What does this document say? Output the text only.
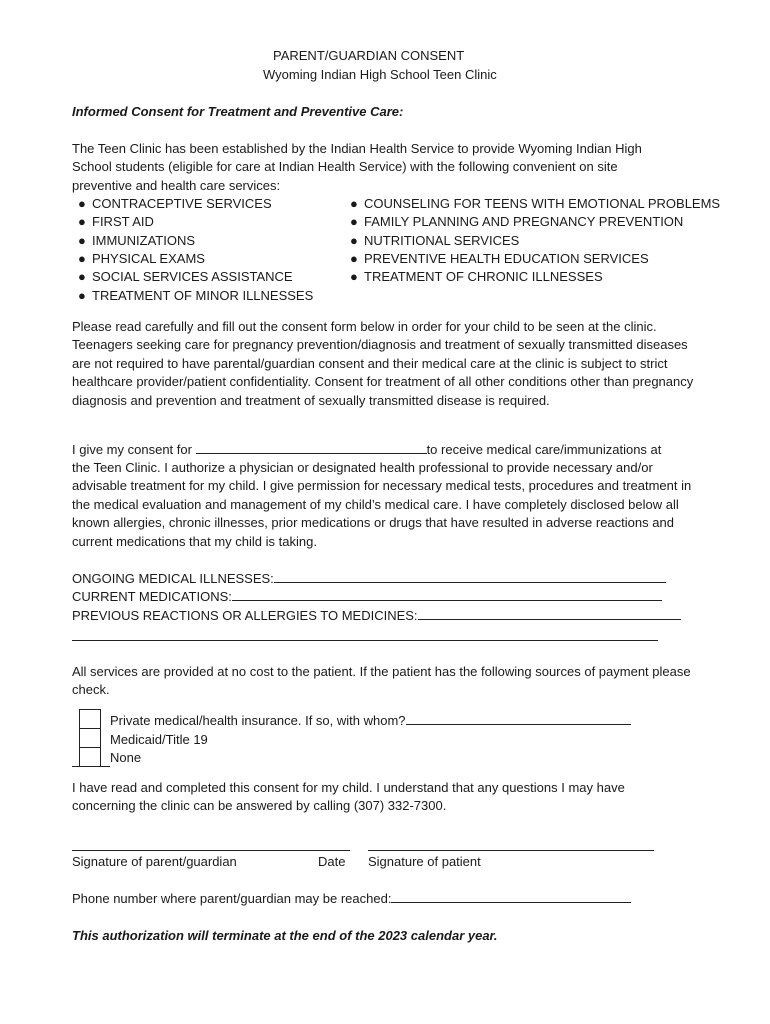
PARENT/GUARDIAN CONSENT
Wyoming Indian High School Teen Clinic
Informed Consent for Treatment and Preventive Care:
The Teen Clinic has been established by the Indian Health Service to provide Wyoming Indian High
School students (eligible for care at Indian Health Service) with the following convenient on site
preventive and health care services:
● CONTRACEPTIVE SERVICES
● FIRST AID
● IMMUNIZATIONS
● PHYSICAL EXAMS
● SOCIAL SERVICES ASSISTANCE
● TREATMENT OF MINOR ILLNESSES
● COUNSELING FOR TEENS WITH EMOTIONAL PROBLEMS
● FAMILY PLANNING AND PREGNANCY PREVENTION
● NUTRITIONAL SERVICES
● PREVENTIVE HEALTH EDUCATION SERVICES
● TREATMENT OF CHRONIC ILLNESSES
Please read carefully and fill out the consent form below in order for your child to be seen at the clinic. Teenagers seeking care for pregnancy prevention/diagnosis and treatment of sexually transmitted diseases are not required to have parental/guardian consent and their medical care at the clinic is subject to strict healthcare provider/patient confidentiality. Consent for treatment of all other conditions other than pregnancy diagnosis and prevention and treatment of sexually transmitted disease is required.
I give my consent for	to receive medical care/immunizations at
the Teen Clinic. I authorize a physician or designated health professional to provide necessary and/or advisable treatment for my child. I give permission for necessary medical tests, procedures and treatment in the medical evaluation and management of my child’s medical care. I have completely disclosed below all known allergies, chronic illnesses, prior medications or drugs that have resulted in adverse reactions and current medications that my child is taking.
ONGOING MEDICAL ILLNESSES:
CURRENT MEDICATIONS:
PREVIOUS REACTIONS OR ALLERGIES TO MEDICINES:
All services are provided at no cost to the patient. If the patient has the following sources of payment please check.
Private medical/health insurance. If so, with whom?
Medicaid/Title 19
None
I have read and completed this consent for my child. I understand that any questions I may have concerning the clinic can be answered by calling (307) 332-7300.
Signature of parent/guardian	Date Signature of patient
Phone number where parent/guardian may be reached:
This authorization will terminate at the end of the 2023 calendar year.
